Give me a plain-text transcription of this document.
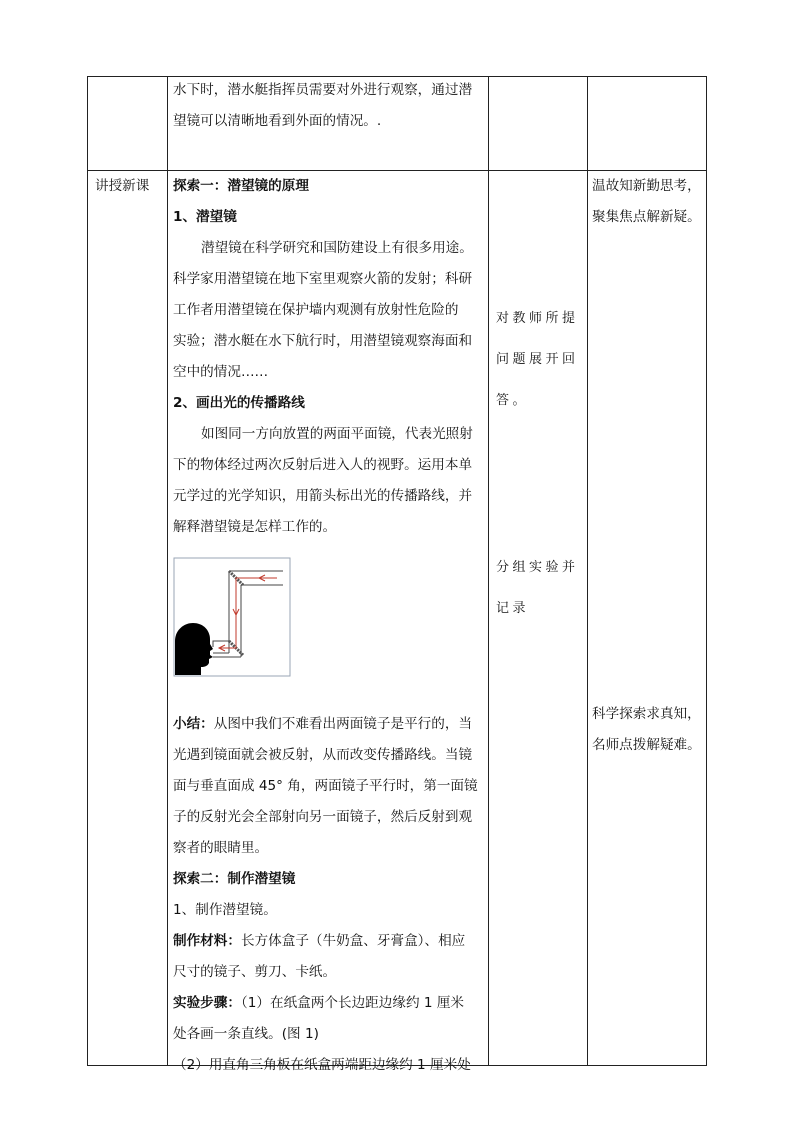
水下时，潜水艇指挥员需要对外进行观察，通过潜

望镜可以清晰地看到外面的情况。.

讲授新课 探索一：潜望镜的原理

1、潜望镜

潜望镜在科学研究和国防建设上有很多用途。

科学家用潜望镜在地下室里观察火箭的发射；科研

工作者用潜望镜在保护墙内观测有放射性危险的

实验；潜水艇在水下航行时，用潜望镜观察海面和

空中的情况……

2、画出光的传播路线

如图同一方向放置的两面平面镜，代表光照射

下的物体经过两次反射后进入人的视野。运用本单

元学过的光学知识，用箭头标出光的传播路线，并

解释潜望镜是怎样工作的。

小结：从图中我们不难看出两面镜子是平行的，当

光遇到镜面就会被反射，从而改变传播路线。当镜

面与垂直面成 45° 角，两面镜子平行时，第一面镜

子的反射光会全部射向另一面镜子，然后反射到观

察者的眼睛里。

探索二：制作潜望镜

1、制作潜望镜。

制作材料：长方体盒子（牛奶盒、牙膏盒）、相应

尺寸的镜子、剪刀、卡纸。

实验步骤：（1）在纸盒两个长边距边缘约 1 厘米

处各画一条直线。(图 1)

（2）用直角三角板在纸盒两端距边缘约 1 厘米处

对教师所提

问题展开回

答。

分组实验并

记录

温故知新勤思考，

聚集焦点解新疑。

科学探索求真知，

名师点拨解疑难。
